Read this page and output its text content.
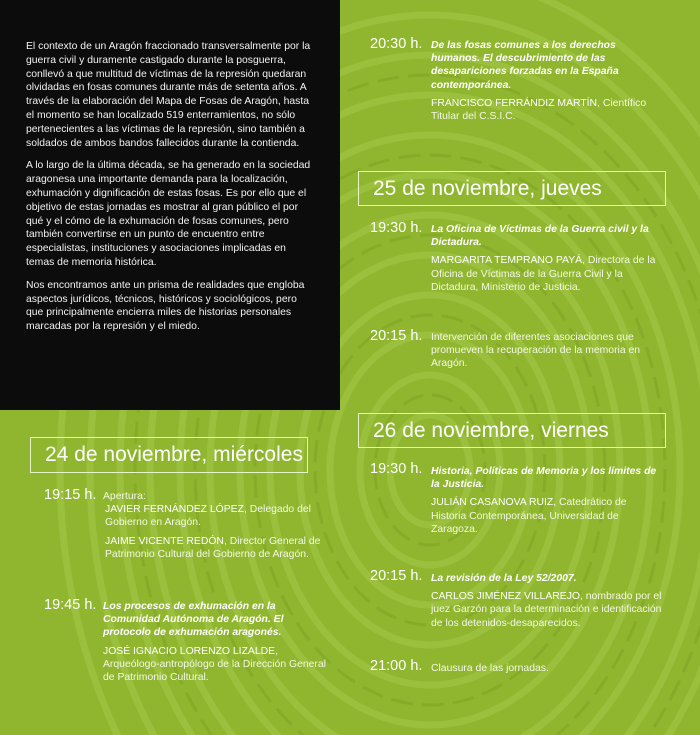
El contexto de un Aragón fraccionado transversalmente por la guerra civil y duramente castigado durante la posguerra, conllevó a que multitud de víctimas de la represión quedaran olvidadas en fosas comunes durante más de setenta años. A través de la elaboración del Mapa de Fosas de Aragón, hasta el momento se han localizado 519 enterramientos, no sólo pertenecientes a las víctimas de la represión, sino también a soldados de ambos bandos fallecidos durante la contienda.

A lo largo de la última década, se ha generado en la sociedad aragonesa una importante demanda para la localización, exhumación y dignificación de estas fosas. Es por ello que el objetivo de estas jornadas es mostrar al gran público el por qué y el cómo de la exhumación de fosas comunes, pero también convertirse en un punto de encuentro entre especialistas, instituciones y asociaciones implicadas en temas de memoria histórica.

Nos encontramos ante un prisma de realidades que engloba aspectos jurídicos, técnicos, históricos y sociológicos, pero que principalmente encierra miles de historias personales marcadas por la represión y el miedo.

20:30 h. De las fosas comunes a los derechos humanos. El descubrimiento de las desapariciones forzadas en la España contemporánea.
FRANCISCO FERRÁNDIZ MARTÍN, Científico Titular del C.S.I.C.
25 de noviembre, jueves
19:30 h. La Oficina de Víctimas de la Guerra civil y la Dictadura.
MARGARITA TEMPRANO PAYÁ, Directora de la Oficina de Víctimas de la Guerra Civil y la Dictadura, Ministerio de Justicia.
20:15 h. Intervención de diferentes asociaciones que promueven la recuperación de la memoria en Aragón.
26 de noviembre, viernes
19:30 h. Historia, Políticas de Memoria y los límites de la Justicia.
JULIÁN CASANOVA RUIZ, Catedrático de Historia Contemporánea, Universidad de Zaragoza.
20:15 h. La revisión de la Ley 52/2007.
CARLOS JIMÉNEZ VILLAREJO, nombrado por el juez Garzón para la determinación e identificación de los detenidos-desaparecidos.
21:00 h. Clausura de las jornadas.
24 de noviembre, miércoles
19:15 h. Apertura:
JAVIER FERNÁNDEZ LÓPEZ, Delegado del Gobierno en Aragón.
JAIME VICENTE REDÓN, Director General de Patrimonio Cultural del Gobierno de Aragón.
19:45 h. Los procesos de exhumación en la Comunidad Autónoma de Aragón. El protocolo de exhumación aragonés.
JOSÉ IGNACIO LORENZO LIZALDE, Arqueólogo-antropólogo de la Dirección General de Patrimonio Cultural.
